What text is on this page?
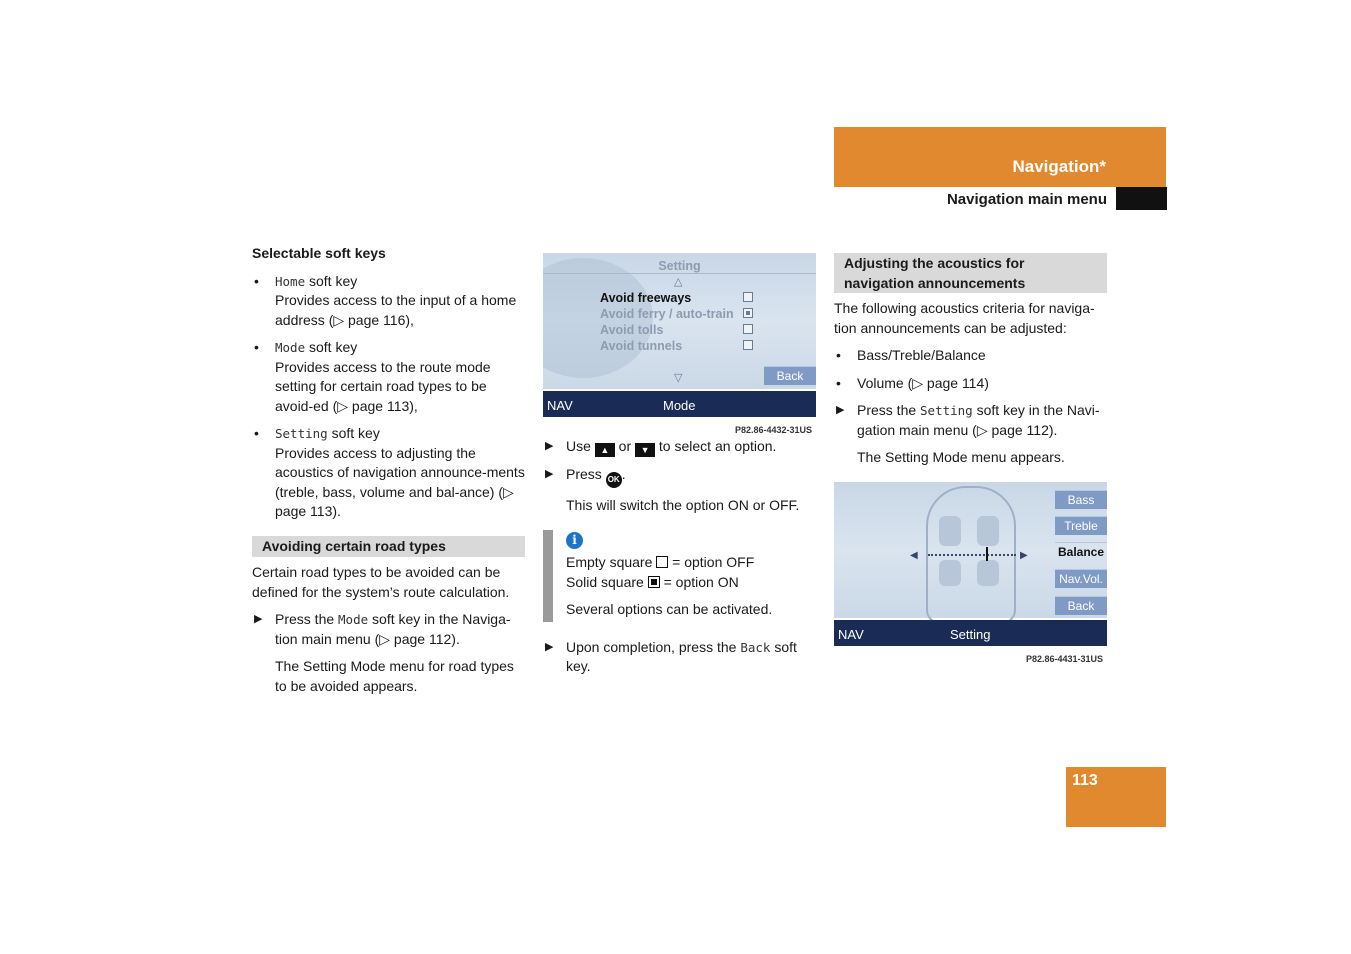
Navigation*
Navigation main menu
Selectable soft keys
• Home soft key
Provides access to the input of a home address (▷ page 116),
• Mode soft key
Provides access to the route mode setting for certain road types to be avoid-ed (▷ page 113),
• Setting soft key
Provides access to adjusting the acoustics of navigation announce-ments (treble, bass, volume and bal-ance) (▷ page 113).
Avoiding certain road types

Certain road types to be avoided can be defined for the system’s route calculation.

▶ Press the Mode soft key in the Naviga-tion main menu (▷ page 112).

The Setting Mode menu for road types to be avoided appears.

Setting
△
Avoid freeways
Avoid ferry / auto-train
Avoid tolls
Avoid tunnels
▽	Back
NAV	Mode
P82.86-4432-31US
▶ Use ▲ or ▼ to select an option.
▶ Press OK .

This will switch the option ON or OFF.

i
Empty square  = option OFF
Solid square  = option ON

Several options can be activated.

▶ Upon completion, press the Back soft key.
Adjusting the acoustics for navigation announcements

The following acoustics criteria for naviga-tion announcements can be adjusted:

• Bass/Treble/Balance
• Volume (▷ page 114)
▶ Press the Setting soft key in the Navi-gation main menu (▷ page 112).

The Setting Mode menu appears.

◀	▶
Bass
Treble
Balance
Nav.Vol.
Back
NAV	Setting
P82.86-4431-31US
113
